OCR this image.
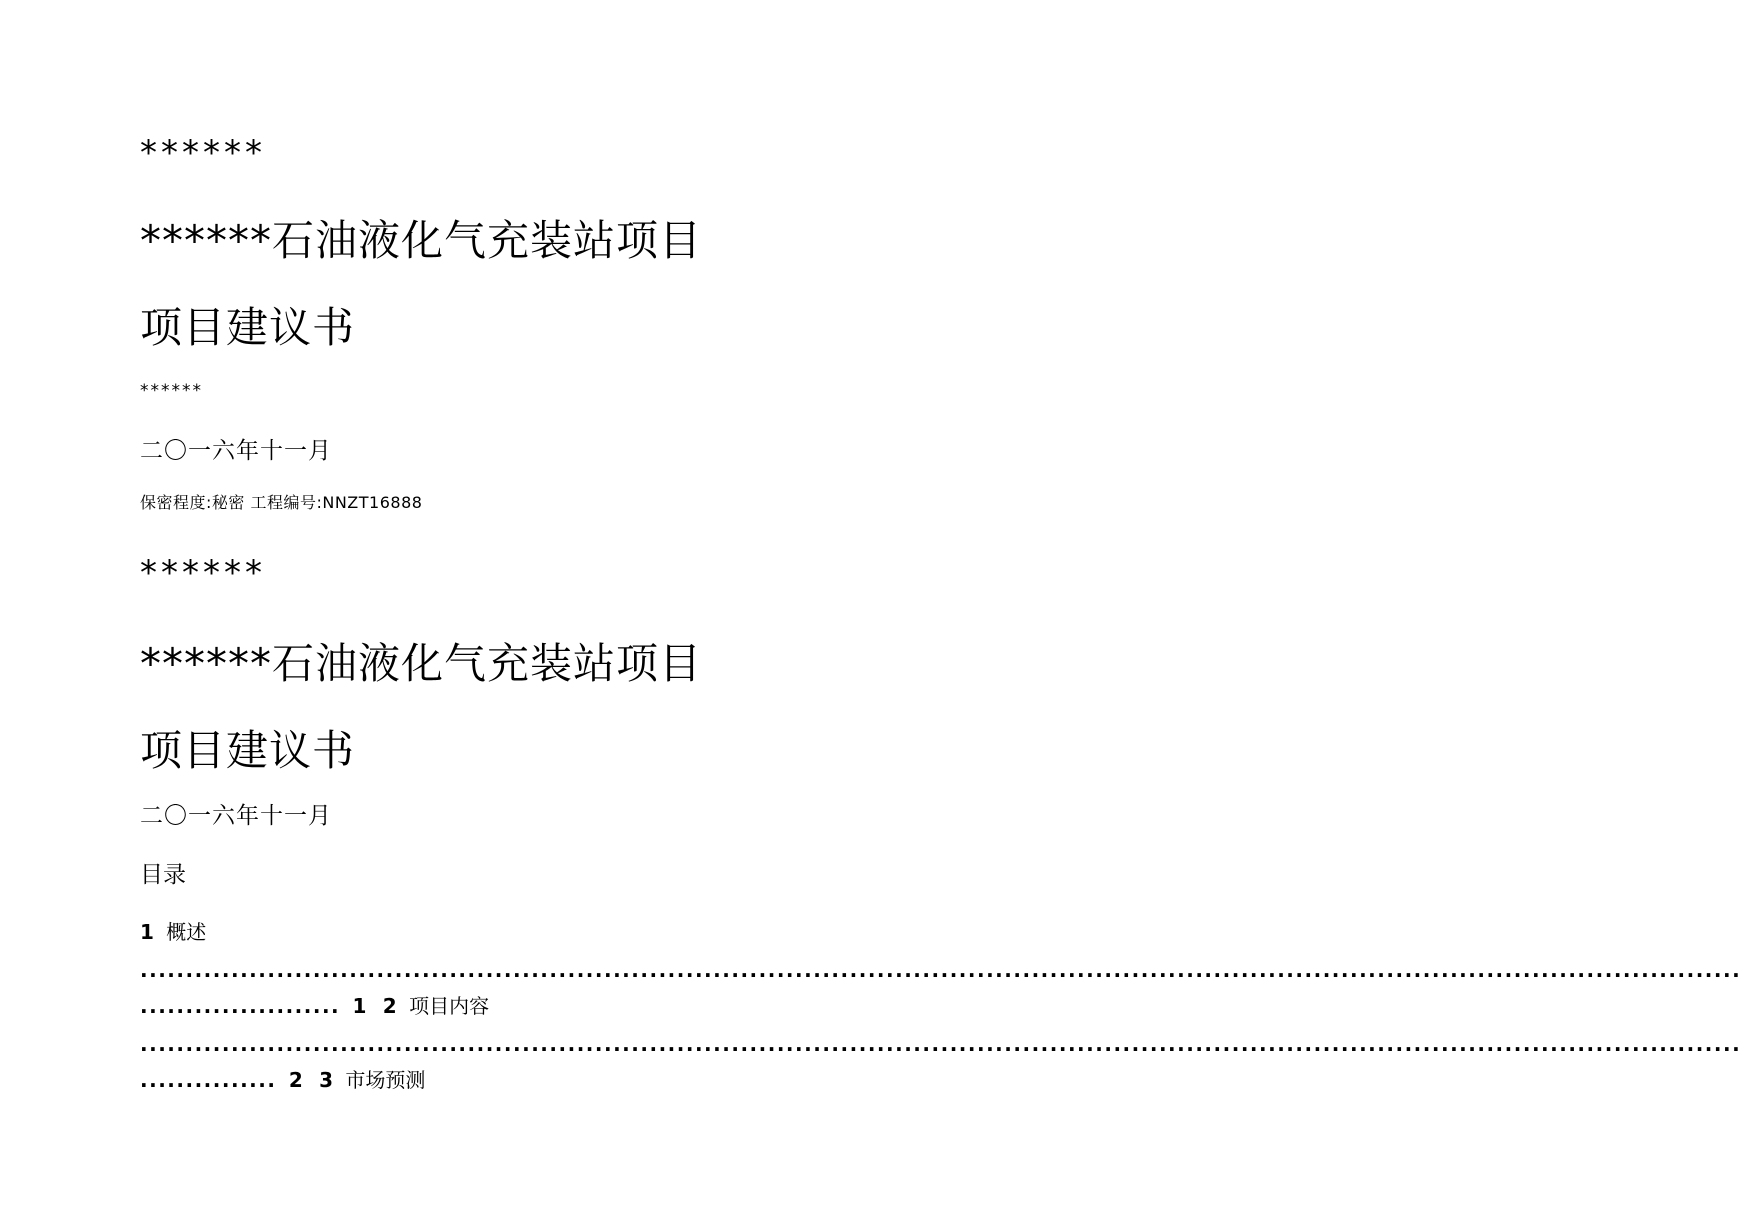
******
******石油液化气充装站项目
项目建议书
******
二〇一六年十一月
保密程度:秘密 工程编号:NNZT16888
******
******石油液化气充装站项目
项目建议书
二〇一六年十一月
目录
1 概述
................................................................................................................................................................................
...................... 1 2 项目内容
................................................................................................................................................................................
............... 2 3 市场预测
